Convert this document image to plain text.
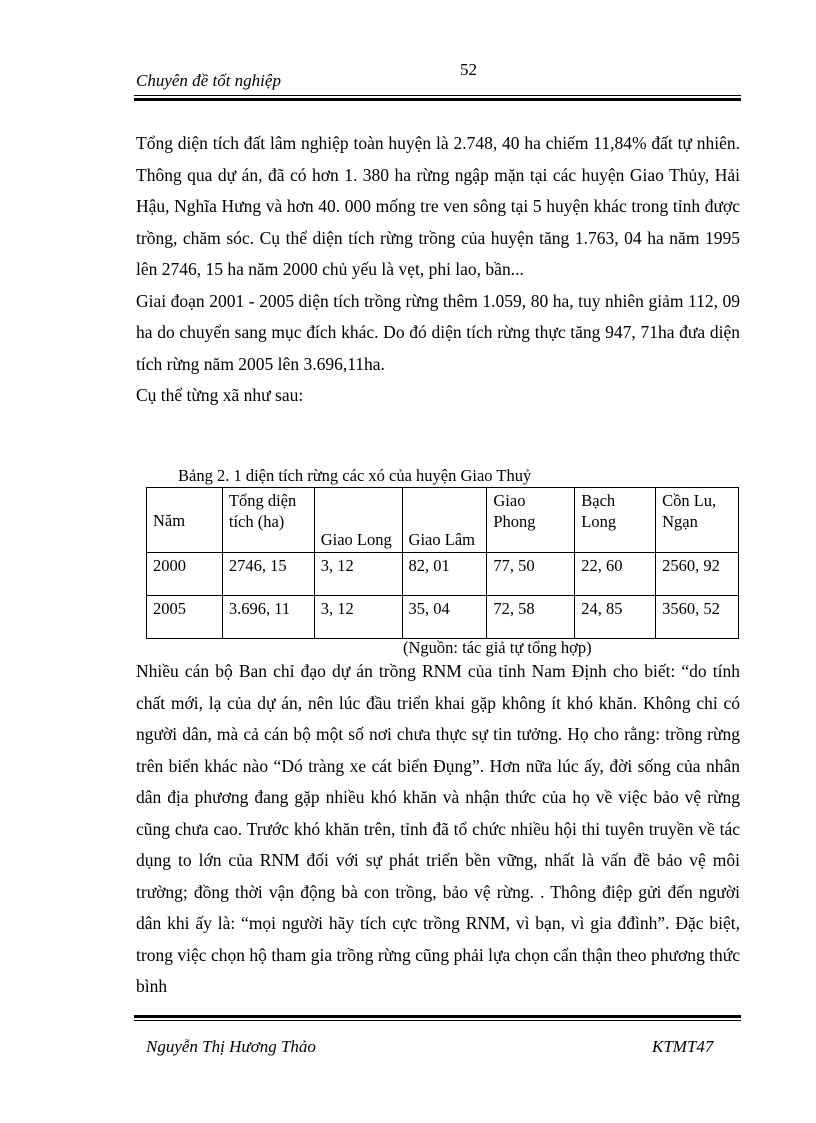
Chuyên đề tốt nghiệp
52

Tổng diện tích đất lâm nghiệp toàn huyện là 2.748, 40 ha chiếm 11,84% đất tự nhiên. Thông qua dự án, đã có hơn 1. 380 ha rừng ngập mặn tại các huyện Giao Thủy, Hải Hậu, Nghĩa Hưng và hơn 40. 000 mống tre ven sông tại 5 huyện khác trong tỉnh được trồng, chăm sóc. Cụ thể diện tích rừng trồng của huyện tăng 1.763, 04 ha năm 1995 lên 2746, 15 ha năm 2000 chủ yếu là vẹt, phi lao, bần...

Giai đoạn 2001 - 2005 diện tích trồng rừng thêm 1.059, 80 ha, tuy nhiên giảm 112, 09 ha do chuyển sang mục đích khác. Do đó diện tích rừng thực tăng 947, 71ha đưa diện tích rừng năm 2005 lên 3.696,11ha.

Cụ thể từng xã như sau:

Bảng 2. 1 diện tích rừng các xó của huyện Giao Thuỷ
Năm	Tổng diện tích (ha)	Giao Long	Giao Lâm	Giao Phong	Bạch Long	Cồn Lu, Ngạn
2000	2746, 15	3, 12	82, 01	77, 50	22, 60	2560, 92
2005	3.696, 11	3, 12	35, 04	72, 58	24, 85	3560, 52
(Nguồn: tác giả tự tổng hợp)

Nhiều cán bộ Ban chỉ đạo dự án trồng RNM của tỉnh Nam Định cho biết: “do tính chất mới, lạ của dự án, nên lúc đầu triển khai gặp không ít khó khăn. Không chỉ có người dân, mà cả cán bộ một số nơi chưa thực sự tin tưởng. Họ cho rằng: trồng rừng trên biển khác nào “Dó tràng xe cát biển Đụng”. Hơn nữa lúc ấy, đời sống của nhân dân địa phương đang gặp nhiều khó khăn và nhận thức của họ về việc bảo vệ rừng cũng chưa cao. Trước khó khăn trên, tỉnh đã tổ chức nhiều hội thi tuyên truyền về tác dụng to lớn của RNM đối với sự phát triển bền vững, nhất là vấn đề bảo vệ môi trường; đồng thời vận động bà con trồng, bảo vệ rừng. . Thông điệp gửi đến người dân khi ấy là: “mọi người hãy tích cực trồng RNM, vì bạn, vì gia đđình”. Đặc biệt, trong việc chọn hộ tham gia trồng rừng cũng phải lựa chọn cẩn thận theo phương thức bình

Nguyễn Thị Hương Thảo	KTMT47
